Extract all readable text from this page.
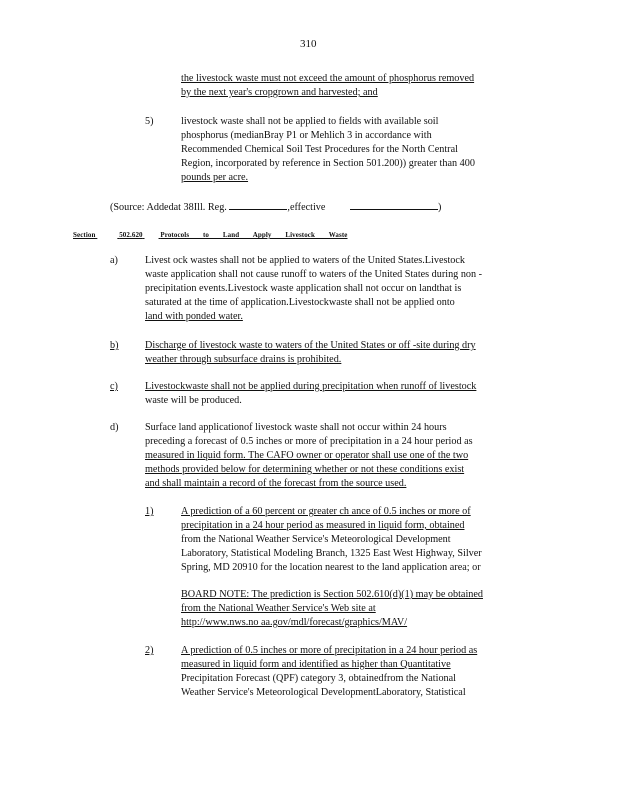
310
the livestock waste must not exceed the amount of phosphorus removed
by the next year's cropgrown and harvested; and
5)	livestock waste shall not be applied to fields with available soil
phosphorus (medianBray P1 or Mehlich 3 in accordance with
Recommended Chemical Soil Test Procedures for the North Central
Region, incorporated by reference in Section 501.200)) greater than 400
pounds per acre.
(Source: Addedat 38Ill. Reg.	,effective	)
Section	502.620	Protocols to Land Apply Livestock Waste
a)	Livest ock wastes shall not be applied to waters of the United States.Livestock
waste application shall not cause runoff to waters of the United States during non -
precipitation events.Livestock waste application shall not occur on landthat is
saturated at the time of application.Livestockwaste shall not be applied onto
land with ponded water.
b)	Discharge of livestock waste to waters of the United States or off -site during dry
weather through subsurface drains is prohibited.
c)	Livestockwaste shall not be applied during precipitation when runoff of livestock
waste will be produced.
d)	Surface land applicationof livestock waste shall not occur within 24 hours
preceding a forecast of 0.5 inches or more of precipitation in a 24 hour period as
measured in liquid form. The CAFO owner or operator shall use one of the two
methods provided below for determining whether or not these conditions exist
and shall maintain a record of the forecast from the source used.
1)	A prediction of a 60 percent or greater ch ance of 0.5 inches or more of
precipitation in a 24 hour period as measured in liquid form, obtained
from the National Weather Service's Meteorological Development
Laboratory, Statistical Modeling Branch, 1325 East West Highway, Silver
Spring, MD 20910 for the location nearest to the land application area; or
BOARD NOTE: The prediction is Section 502.610(d)(1) may be obtained
from the National Weather Service's Web site at
http://www.nws.no aa.gov/mdl/forecast/graphics/MAV/
2)	A prediction of 0.5 inches or more of precipitation in a 24 hour period as
measured in liquid form and identified as higher than Quantitative
Precipitation Forecast (QPF) category 3, obtainedfrom the National
Weather Service's Meteorological DevelopmentLaboratory, Statistical
